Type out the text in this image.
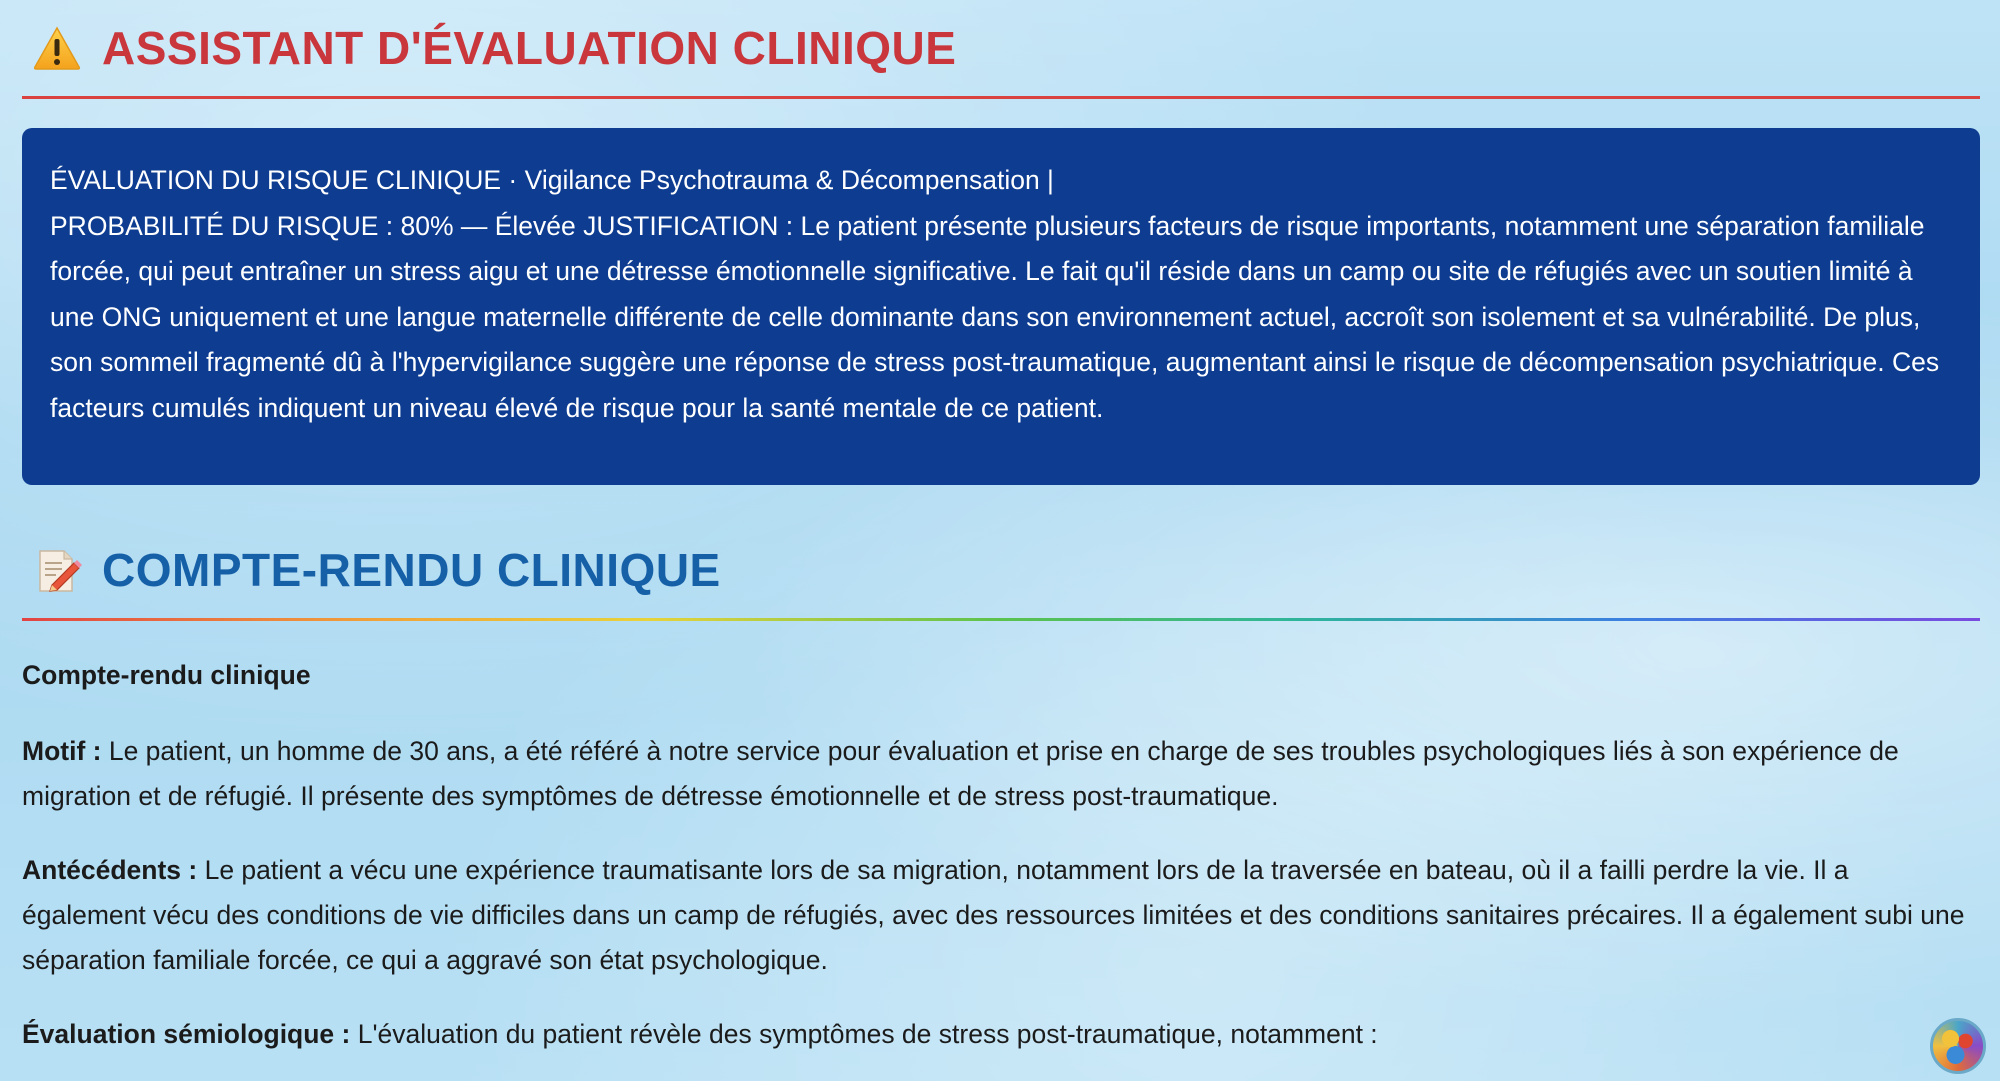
ASSISTANT D'ÉVALUATION CLINIQUE

ÉVALUATION DU RISQUE CLINIQUE · Vigilance Psychotrauma & Décompensation |

PROBABILITÉ DU RISQUE : 80% — Élevée JUSTIFICATION : Le patient présente plusieurs facteurs de risque importants, notamment une séparation familiale forcée, qui peut entraîner un stress aigu et une détresse émotionnelle significative. Le fait qu'il réside dans un camp ou site de réfugiés avec un soutien limité à une ONG uniquement et une langue maternelle différente de celle dominante dans son environnement actuel, accroît son isolement et sa vulnérabilité. De plus, son sommeil fragmenté dû à l'hypervigilance suggère une réponse de stress post-traumatique, augmentant ainsi le risque de décompensation psychiatrique. Ces facteurs cumulés indiquent un niveau élevé de risque pour la santé mentale de ce patient.

COMPTE-RENDU CLINIQUE

Compte-rendu clinique

Motif : Le patient, un homme de 30 ans, a été référé à notre service pour évaluation et prise en charge de ses troubles psychologiques liés à son expérience de migration et de réfugié. Il présente des symptômes de détresse émotionnelle et de stress post-traumatique.

Antécédents : Le patient a vécu une expérience traumatisante lors de sa migration, notamment lors de la traversée en bateau, où il a failli perdre la vie. Il a également vécu des conditions de vie difficiles dans un camp de réfugiés, avec des ressources limitées et des conditions sanitaires précaires. Il a également subi une séparation familiale forcée, ce qui a aggravé son état psychologique.

Évaluation sémiologique : L'évaluation du patient révèle des symptômes de stress post-traumatique, notamment :
